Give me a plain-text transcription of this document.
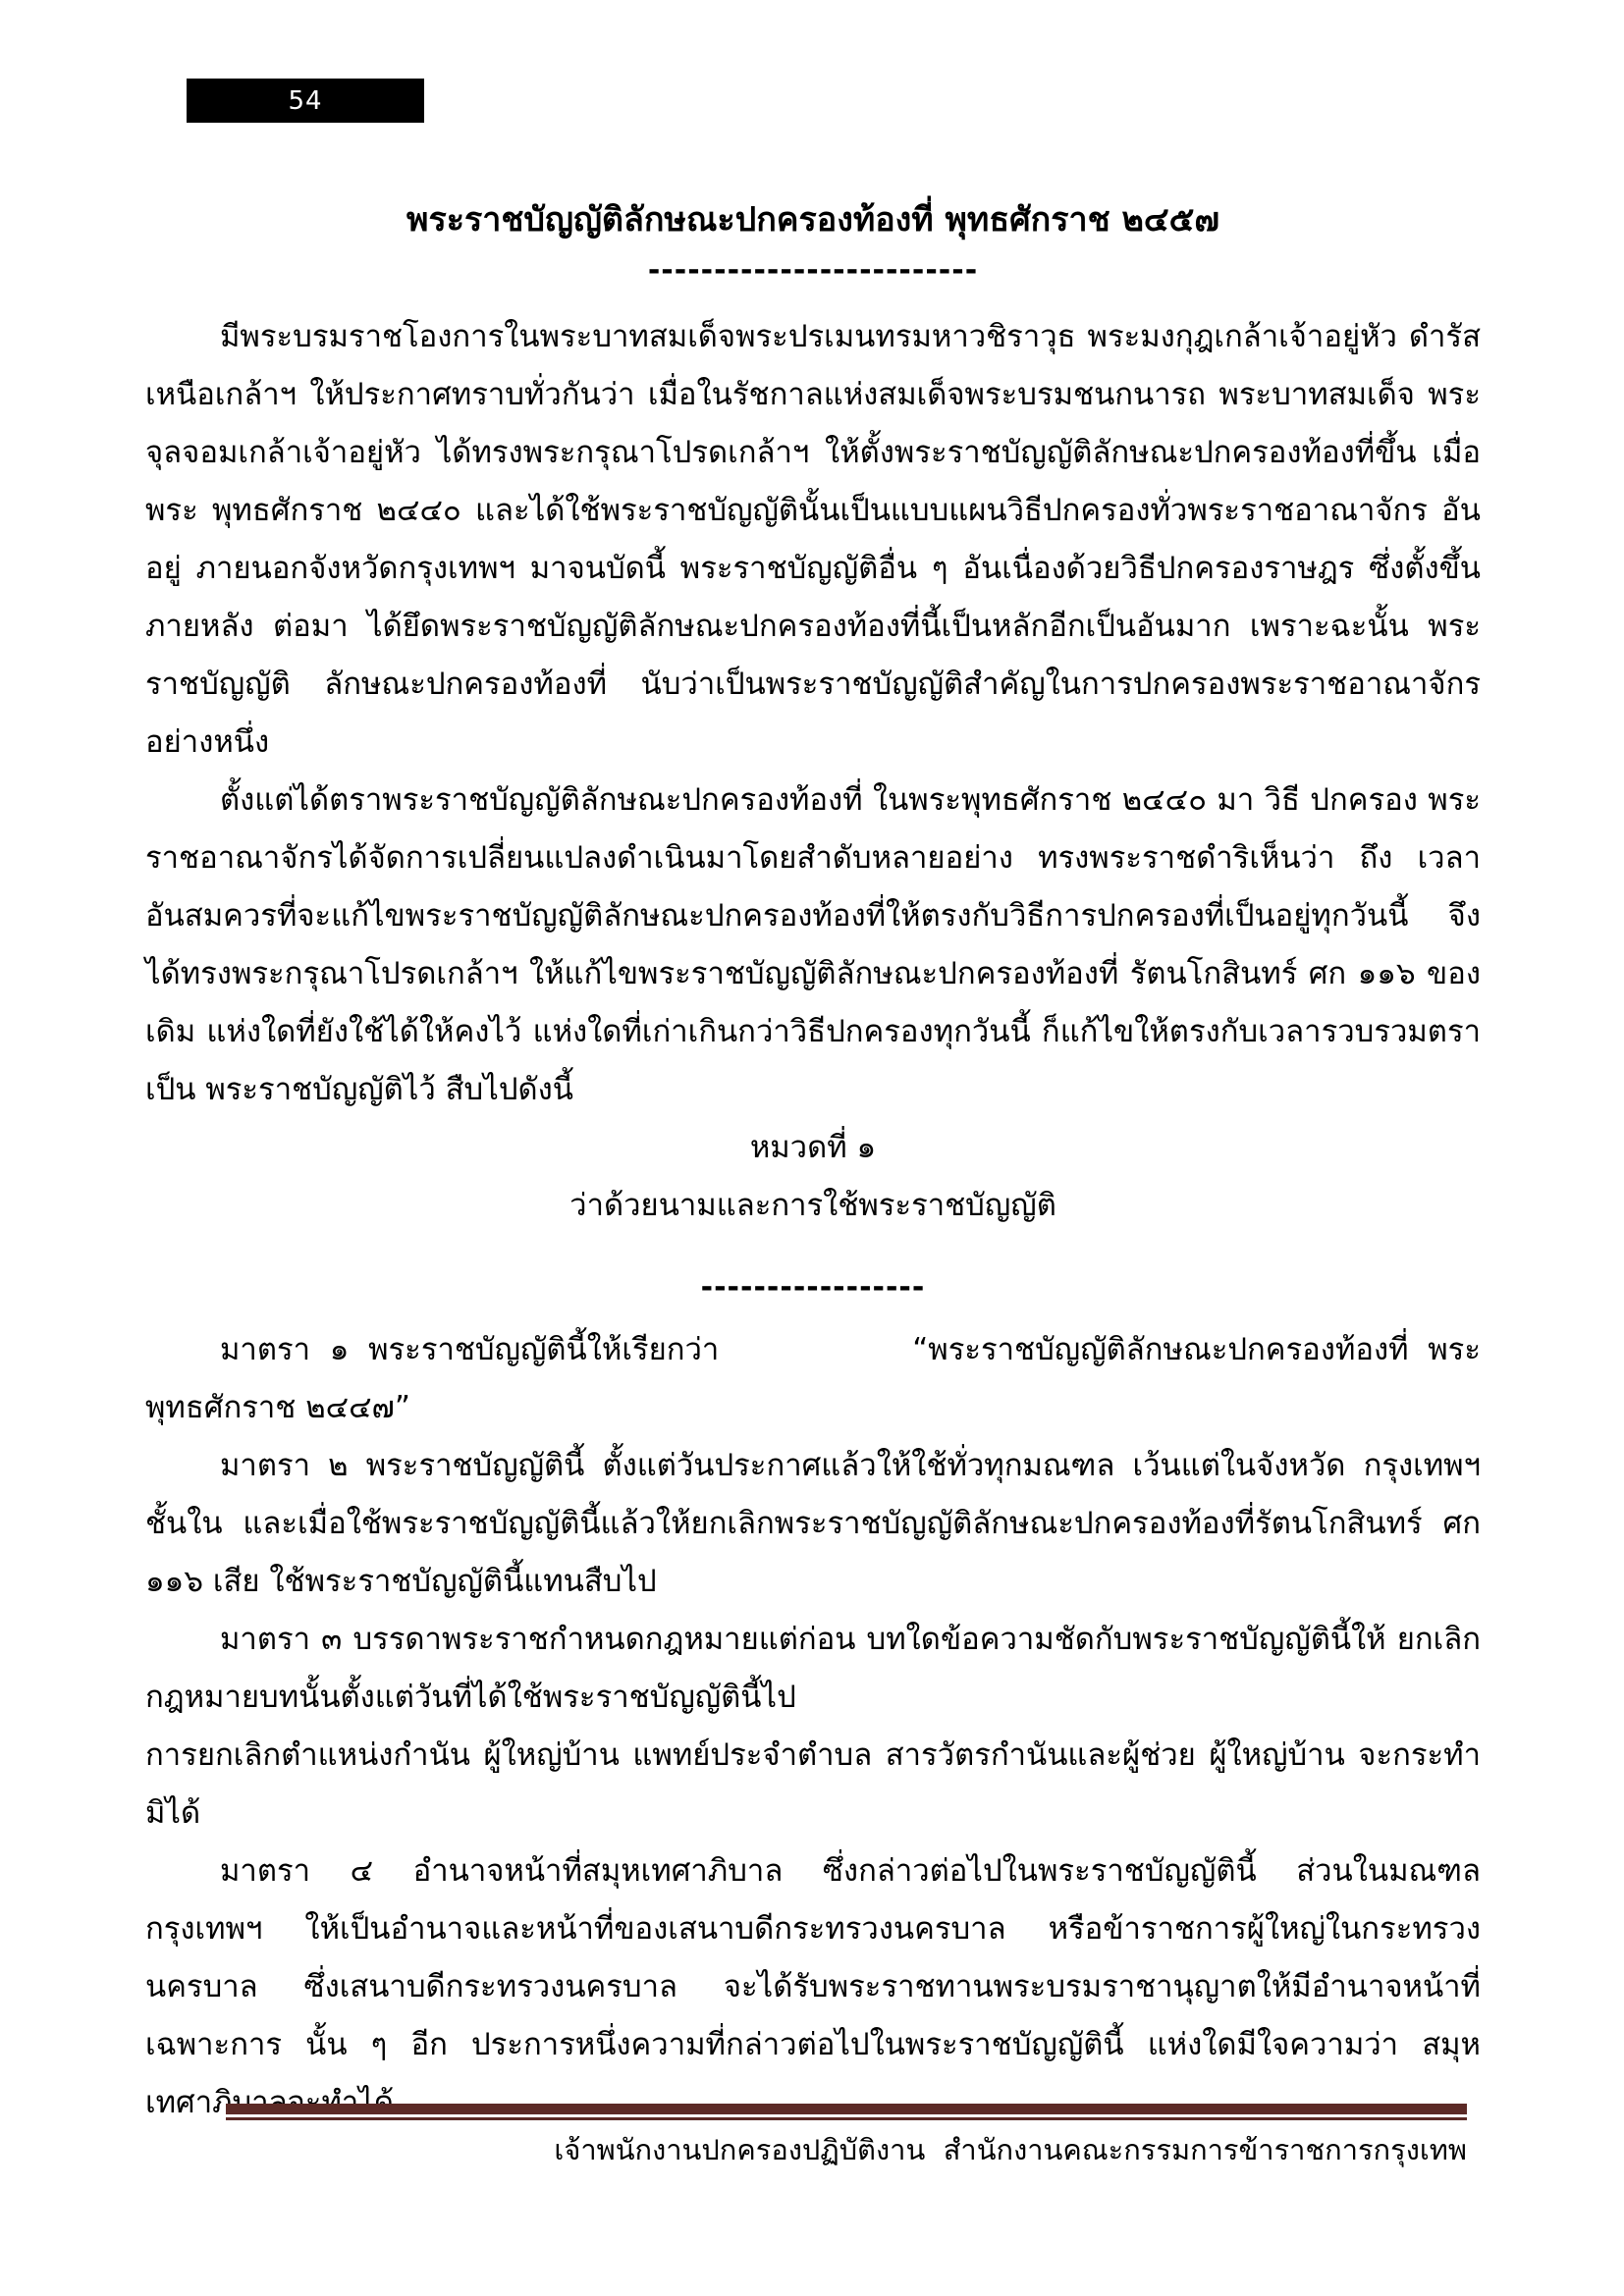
54
พระราชบัญญัติลักษณะปกครองท้องที่ พุทธศักราช ๒๔๕๗
-------------------------

มีพระบรมราชโองการในพระบาทสมเด็จพระปรเมนทรมหาวชิราวุธ พระมงกุฎเกล้าเจ้าอยู่หัว ดำรัสเหนือเกล้าฯ ให้ประกาศทราบทั่วกันว่า เมื่อในรัชกาลแห่งสมเด็จพระบรมชนกนารถ พระบาทสมเด็จ พระ จุลจอมเกล้าเจ้าอยู่หัว ได้ทรงพระกรุณาโปรดเกล้าฯ ให้ตั้งพระราชบัญญัติลักษณะปกครองท้องที่ขึ้น เมื่อ พระ พุทธศักราช ๒๔๔๐ และได้ใช้พระราชบัญญัตินั้นเป็นแบบแผนวิธีปกครองทั่วพระราชอาณาจักร อันอยู่ ภายนอกจังหวัดกรุงเทพฯ มาจนบัดนี้ พระราชบัญญัติอื่น ๆ อันเนื่องด้วยวิธีปกครองราษฎร ซึ่งตั้งขึ้นภายหลัง ต่อมา ได้ยึดพระราชบัญญัติลักษณะปกครองท้องที่นี้เป็นหลักอีกเป็นอันมาก เพราะฉะนั้น พระราชบัญญัติ ลักษณะปกครองท้องที่ นับว่าเป็นพระราชบัญญัติสำคัญในการปกครองพระราชอาณาจักร อย่างหนึ่ง

ตั้งแต่ได้ตราพระราชบัญญัติลักษณะปกครองท้องที่ ในพระพุทธศักราช ๒๔๔๐ มา วิธี ปกครอง พระราชอาณาจักรได้จัดการเปลี่ยนแปลงดำเนินมาโดยสำดับหลายอย่าง ทรงพระราชดำริเห็นว่า ถึง เวลา อันสมควรที่จะแก้ไขพระราชบัญญัติลักษณะปกครองท้องที่ให้ตรงกับวิธีการปกครองที่เป็นอยู่ทุกวันนี้ จึง ได้ทรงพระกรุณาโปรดเกล้าฯ ให้แก้ไขพระราชบัญญัติลักษณะปกครองท้องที่ รัตนโกสินทร์ ศก ๑๑๖ ของ เดิม แห่งใดที่ยังใช้ได้ให้คงไว้ แห่งใดที่เก่าเกินกว่าวิธีปกครองทุกวันนี้ ก็แก้ไขให้ตรงกับเวลารวบรวมตราเป็น พระราชบัญญัติไว้ สืบไปดังนี้

หมวดที่ ๑
ว่าด้วยนามและการใช้พระราชบัญญัติ
-----------------

มาตรา ๑ พระราชบัญญัตินี้ให้เรียกว่า          “พระราชบัญญัติลักษณะปกครองท้องที่ พระ พุทธศักราช ๒๔๔๗”

มาตรา ๒ พระราชบัญญัตินี้ ตั้งแต่วันประกาศแล้วให้ใช้ทั่วทุกมณฑล เว้นแต่ในจังหวัด กรุงเทพฯ ชั้นใน และเมื่อใช้พระราชบัญญัตินี้แล้วให้ยกเลิกพระราชบัญญัติลักษณะปกครองท้องที่รัตนโกสินทร์ ศก ๑๑๖ เสีย ใช้พระราชบัญญัตินี้แทนสืบไป

มาตรา ๓ บรรดาพระราชกำหนดกฎหมายแต่ก่อน บทใดข้อความชัดกับพระราชบัญญัตินี้ให้ ยกเลิกกฎหมายบทนั้นตั้งแต่วันที่ได้ใช้พระราชบัญญัตินี้ไป

การยกเลิกตำแหน่งกำนัน ผู้ใหญ่บ้าน แพทย์ประจำตำบล สารวัตรกำนันและผู้ช่วย ผู้ใหญ่บ้าน จะกระทำ มิได้

มาตรา ๔ อำนาจหน้าที่สมุหเทศาภิบาล ซึ่งกล่าวต่อไปในพระราชบัญญัตินี้ ส่วนในมณฑล กรุงเทพฯ ให้เป็นอำนาจและหน้าที่ของเสนาบดีกระทรวงนครบาล หรือข้าราชการผู้ใหญ่ในกระทรวงนครบาล ซึ่งเสนาบดีกระทรวงนครบาล จะได้รับพระราชทานพระบรมราชานุญาตให้มีอำนาจหน้าที่เฉพาะการ นั้น ๆ อีก ประการหนึ่งความที่กล่าวต่อไปในพระราชบัญญัตินี้ แห่งใดมีใจความว่า สมุหเทศาภิบาลจะทำได้

เจ้าพนักงานปกครองปฏิบัติงาน  สำนักงานคณะกรรมการข้าราชการกรุงเทพ
